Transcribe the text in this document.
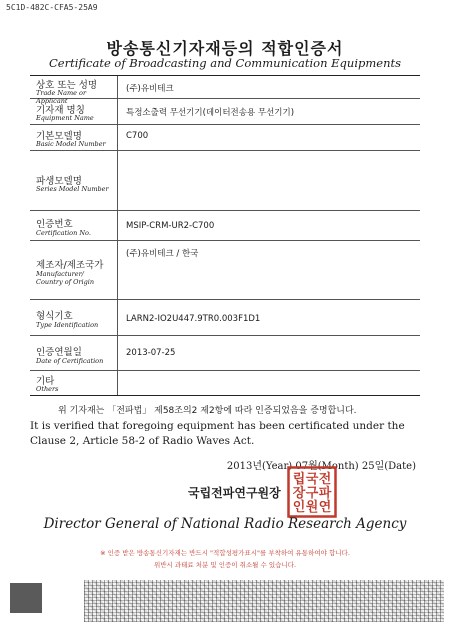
5C1D-482C-CFA5-25A9
방송통신기자재등의 적합인증서
Certificate of Broadcasting and Communication Equipments
상호 또는 성명
Trade Name or Applicant
(주)유비테크
기자재 명칭
Equipment Name	특정소출력 무선기기(데이터전송용 무선기기)
기본모델명
Basic Model Number
C700
파생모델명
Series Model Number
인증번호
Certification No.
MSIP-CRM-UR2-C700
제조자/제조국가
Manufacturer/
Country of Origin
(주)유비테크 / 한국
형식기호
Type Identification
LARN2-IO2U447.9TR0.003F1D1
인증연월일
Date of Certification
2013-07-25
기타
Others
위 기자재는 「전파법」 제58조의2 제2항에 따라 인증되었음을 증명합니다.
It is verified that foregoing equipment has been certificated under the Clause 2, Article 58-2 of Radio Waves Act.
2013년(Year) 07월(Month) 25일(Date)
국립전파연구원장
전
파
연
국
구
원
립
장
인
Director General of National Radio Research Agency
※ 인증 받은 방송통신기자재는 반드시 "적합성평가표시"를 부착하여 유통하여야 합니다.
위반시 과태료 처분 및 인증이 취소될 수 있습니다.
